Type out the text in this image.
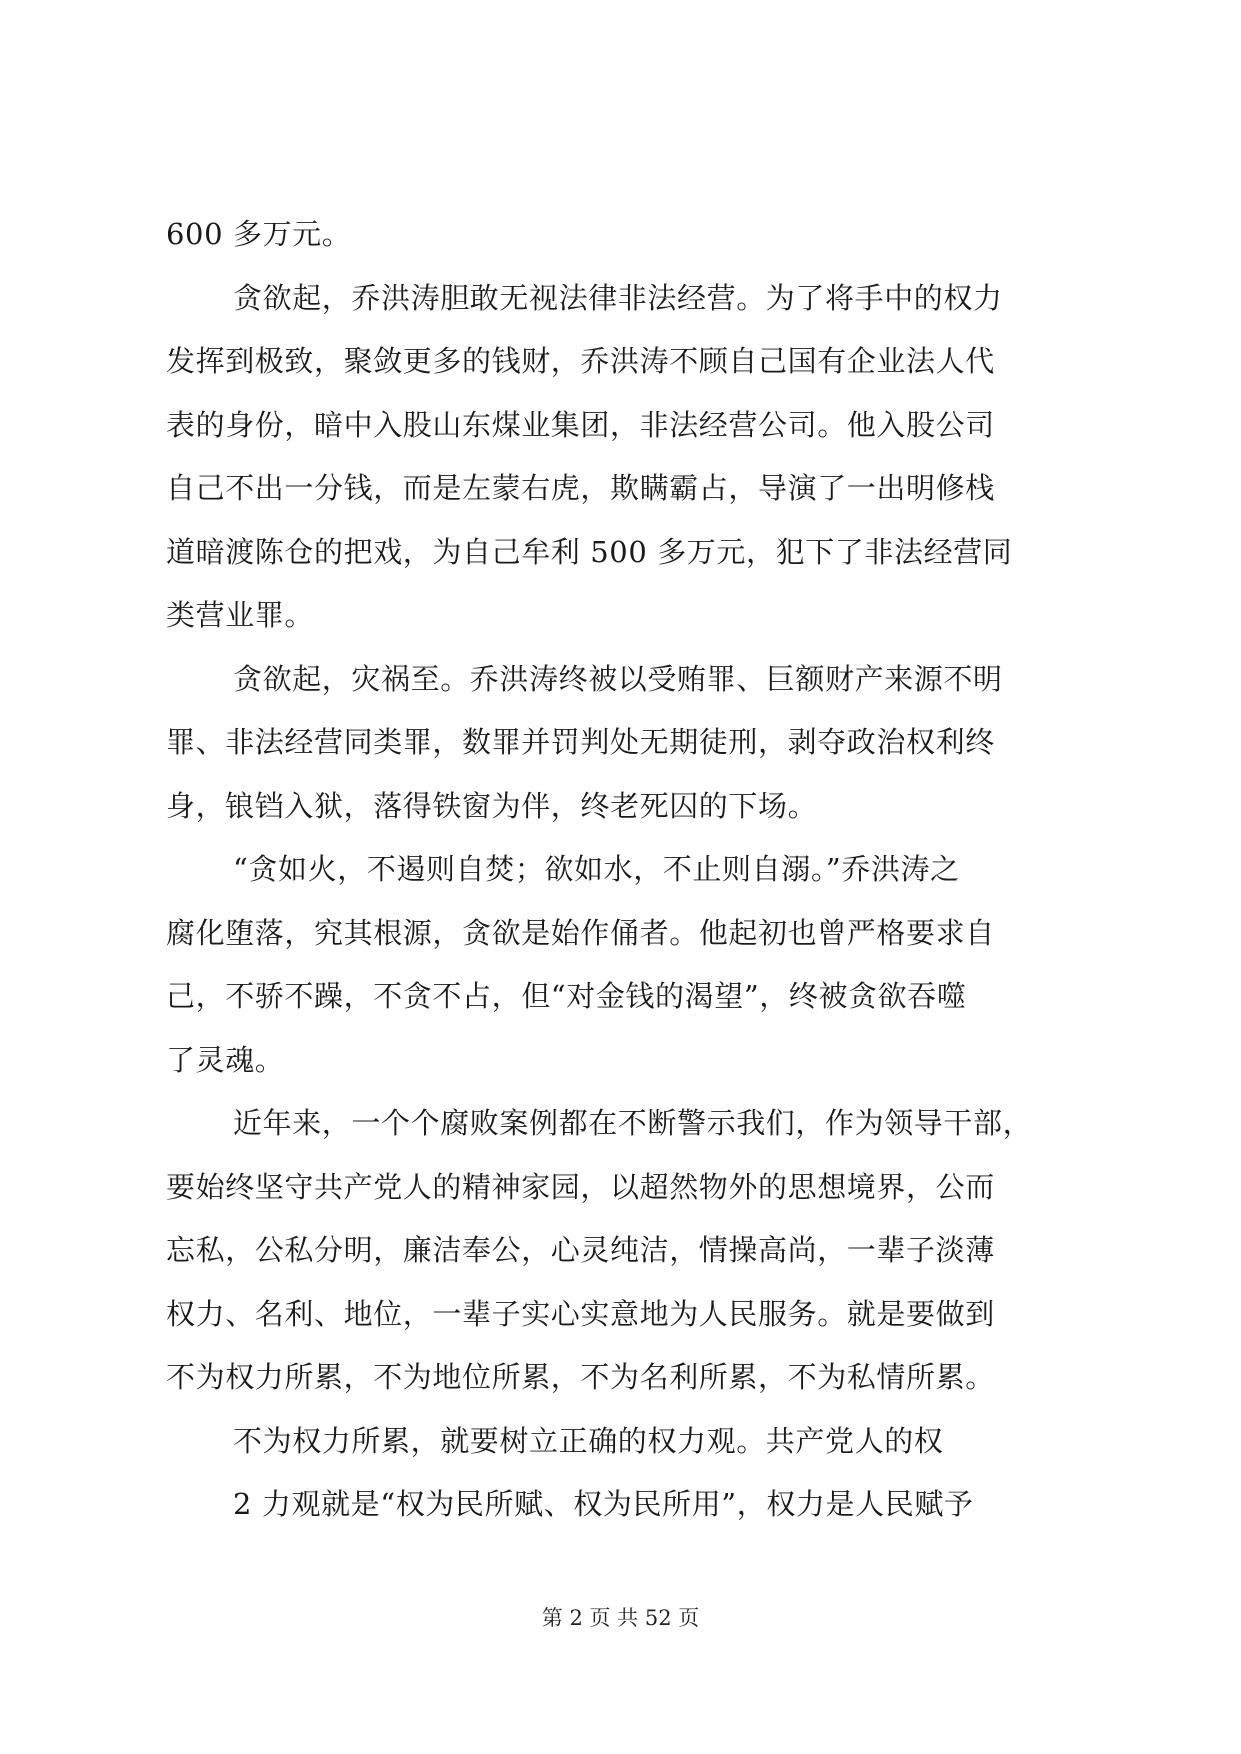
600 多万元。
贪欲起，乔洪涛胆敢无视法律非法经营。为了将手中的权力
发挥到极致，聚敛更多的钱财，乔洪涛不顾自己国有企业法人代
表的身份，暗中入股山东煤业集团，非法经营公司。他入股公司
自己不出一分钱，而是左蒙右虎，欺瞒霸占，导演了一出明修栈
道暗渡陈仓的把戏，为自己牟利 500 多万元，犯下了非法经营同
类营业罪。
贪欲起，灾祸至。乔洪涛终被以受贿罪、巨额财产来源不明
罪、非法经营同类罪，数罪并罚判处无期徒刑，剥夺政治权利终
身，锒铛入狱，落得铁窗为伴，终老死囚的下场。
“贪如火，不遏则自焚；欲如水，不止则自溺。”乔洪涛之
腐化堕落，究其根源，贪欲是始作俑者。他起初也曾严格要求自
己，不骄不躁，不贪不占，但“对金钱的渴望”，终被贪欲吞噬
了灵魂。
近年来，一个个腐败案例都在不断警示我们，作为领导干部，
要始终坚守共产党人的精神家园，以超然物外的思想境界，公而
忘私，公私分明，廉洁奉公，心灵纯洁，情操高尚，一辈子淡薄
权力、名利、地位，一辈子实心实意地为人民服务。就是要做到
不为权力所累，不为地位所累，不为名利所累，不为私情所累。
不为权力所累，就要树立正确的权力观。共产党人的权
2 力观就是“权为民所赋、权为民所用”，权力是人民赋予
第 2 页 共 52 页
